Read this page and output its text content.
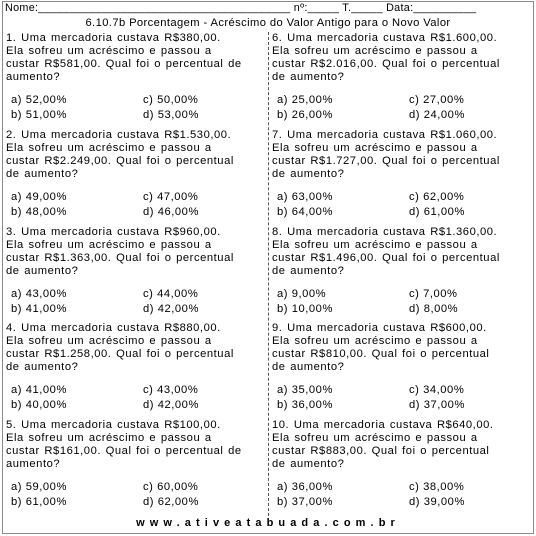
Nome:________________________________________ nº:_____ T._____ Data:__________
6.10.7b Porcentagem - Acréscimo do Valor Antigo para o Novo Valor
1. Uma mercadoria custava R$380,00.
Ela sofreu um acréscimo e passou a
custar R$581,00. Qual foi o percentual de
aumento?
a) 52,00%	c) 50,00%
b) 51,00%	d) 53,00%
2. Uma mercadoria custava R$1.530,00.
Ela sofreu um acréscimo e passou a
custar R$2.249,00. Qual foi o percentual
de aumento?
a) 49,00%	c) 47,00%
b) 48,00%	d) 46,00%
3. Uma mercadoria custava R$960,00.
Ela sofreu um acréscimo e passou a
custar R$1.363,00. Qual foi o percentual
de aumento?
a) 43,00%	c) 44,00%
b) 41,00%	d) 42,00%
4. Uma mercadoria custava R$880,00.
Ela sofreu um acréscimo e passou a
custar R$1.258,00. Qual foi o percentual
de aumento?
a) 41,00%	c) 43,00%
b) 40,00%	d) 42,00%
5. Uma mercadoria custava R$100,00.
Ela sofreu um acréscimo e passou a
custar R$161,00. Qual foi o percentual de
aumento?
a) 59,00%	c) 60,00%
b) 61,00%	d) 62,00%
6. Uma mercadoria custava R$1.600,00.
Ela sofreu um acréscimo e passou a
custar R$2.016,00. Qual foi o percentual
de aumento?
a) 25,00%	c) 27,00%
b) 26,00%	d) 24,00%
7. Uma mercadoria custava R$1.060,00.
Ela sofreu um acréscimo e passou a
custar R$1.727,00. Qual foi o percentual
de aumento?
a) 63,00%	c) 62,00%
b) 64,00%	d) 61,00%
8. Uma mercadoria custava R$1.360,00.
Ela sofreu um acréscimo e passou a
custar R$1.496,00. Qual foi o percentual
de aumento?
a) 9,00%	c) 7,00%
b) 10,00%	d) 8,00%
9. Uma mercadoria custava R$600,00.
Ela sofreu um acréscimo e passou a
custar R$810,00. Qual foi o percentual
de aumento?
a) 35,00%	c) 34,00%
b) 36,00%	d) 37,00%
10. Uma mercadoria custava R$640,00.
Ela sofreu um acréscimo e passou a
custar R$883,00. Qual foi o percentual
de aumento?
a) 36,00%	c) 38,00%
b) 37,00%	d) 39,00%
www.ativeatabuada.com.br
